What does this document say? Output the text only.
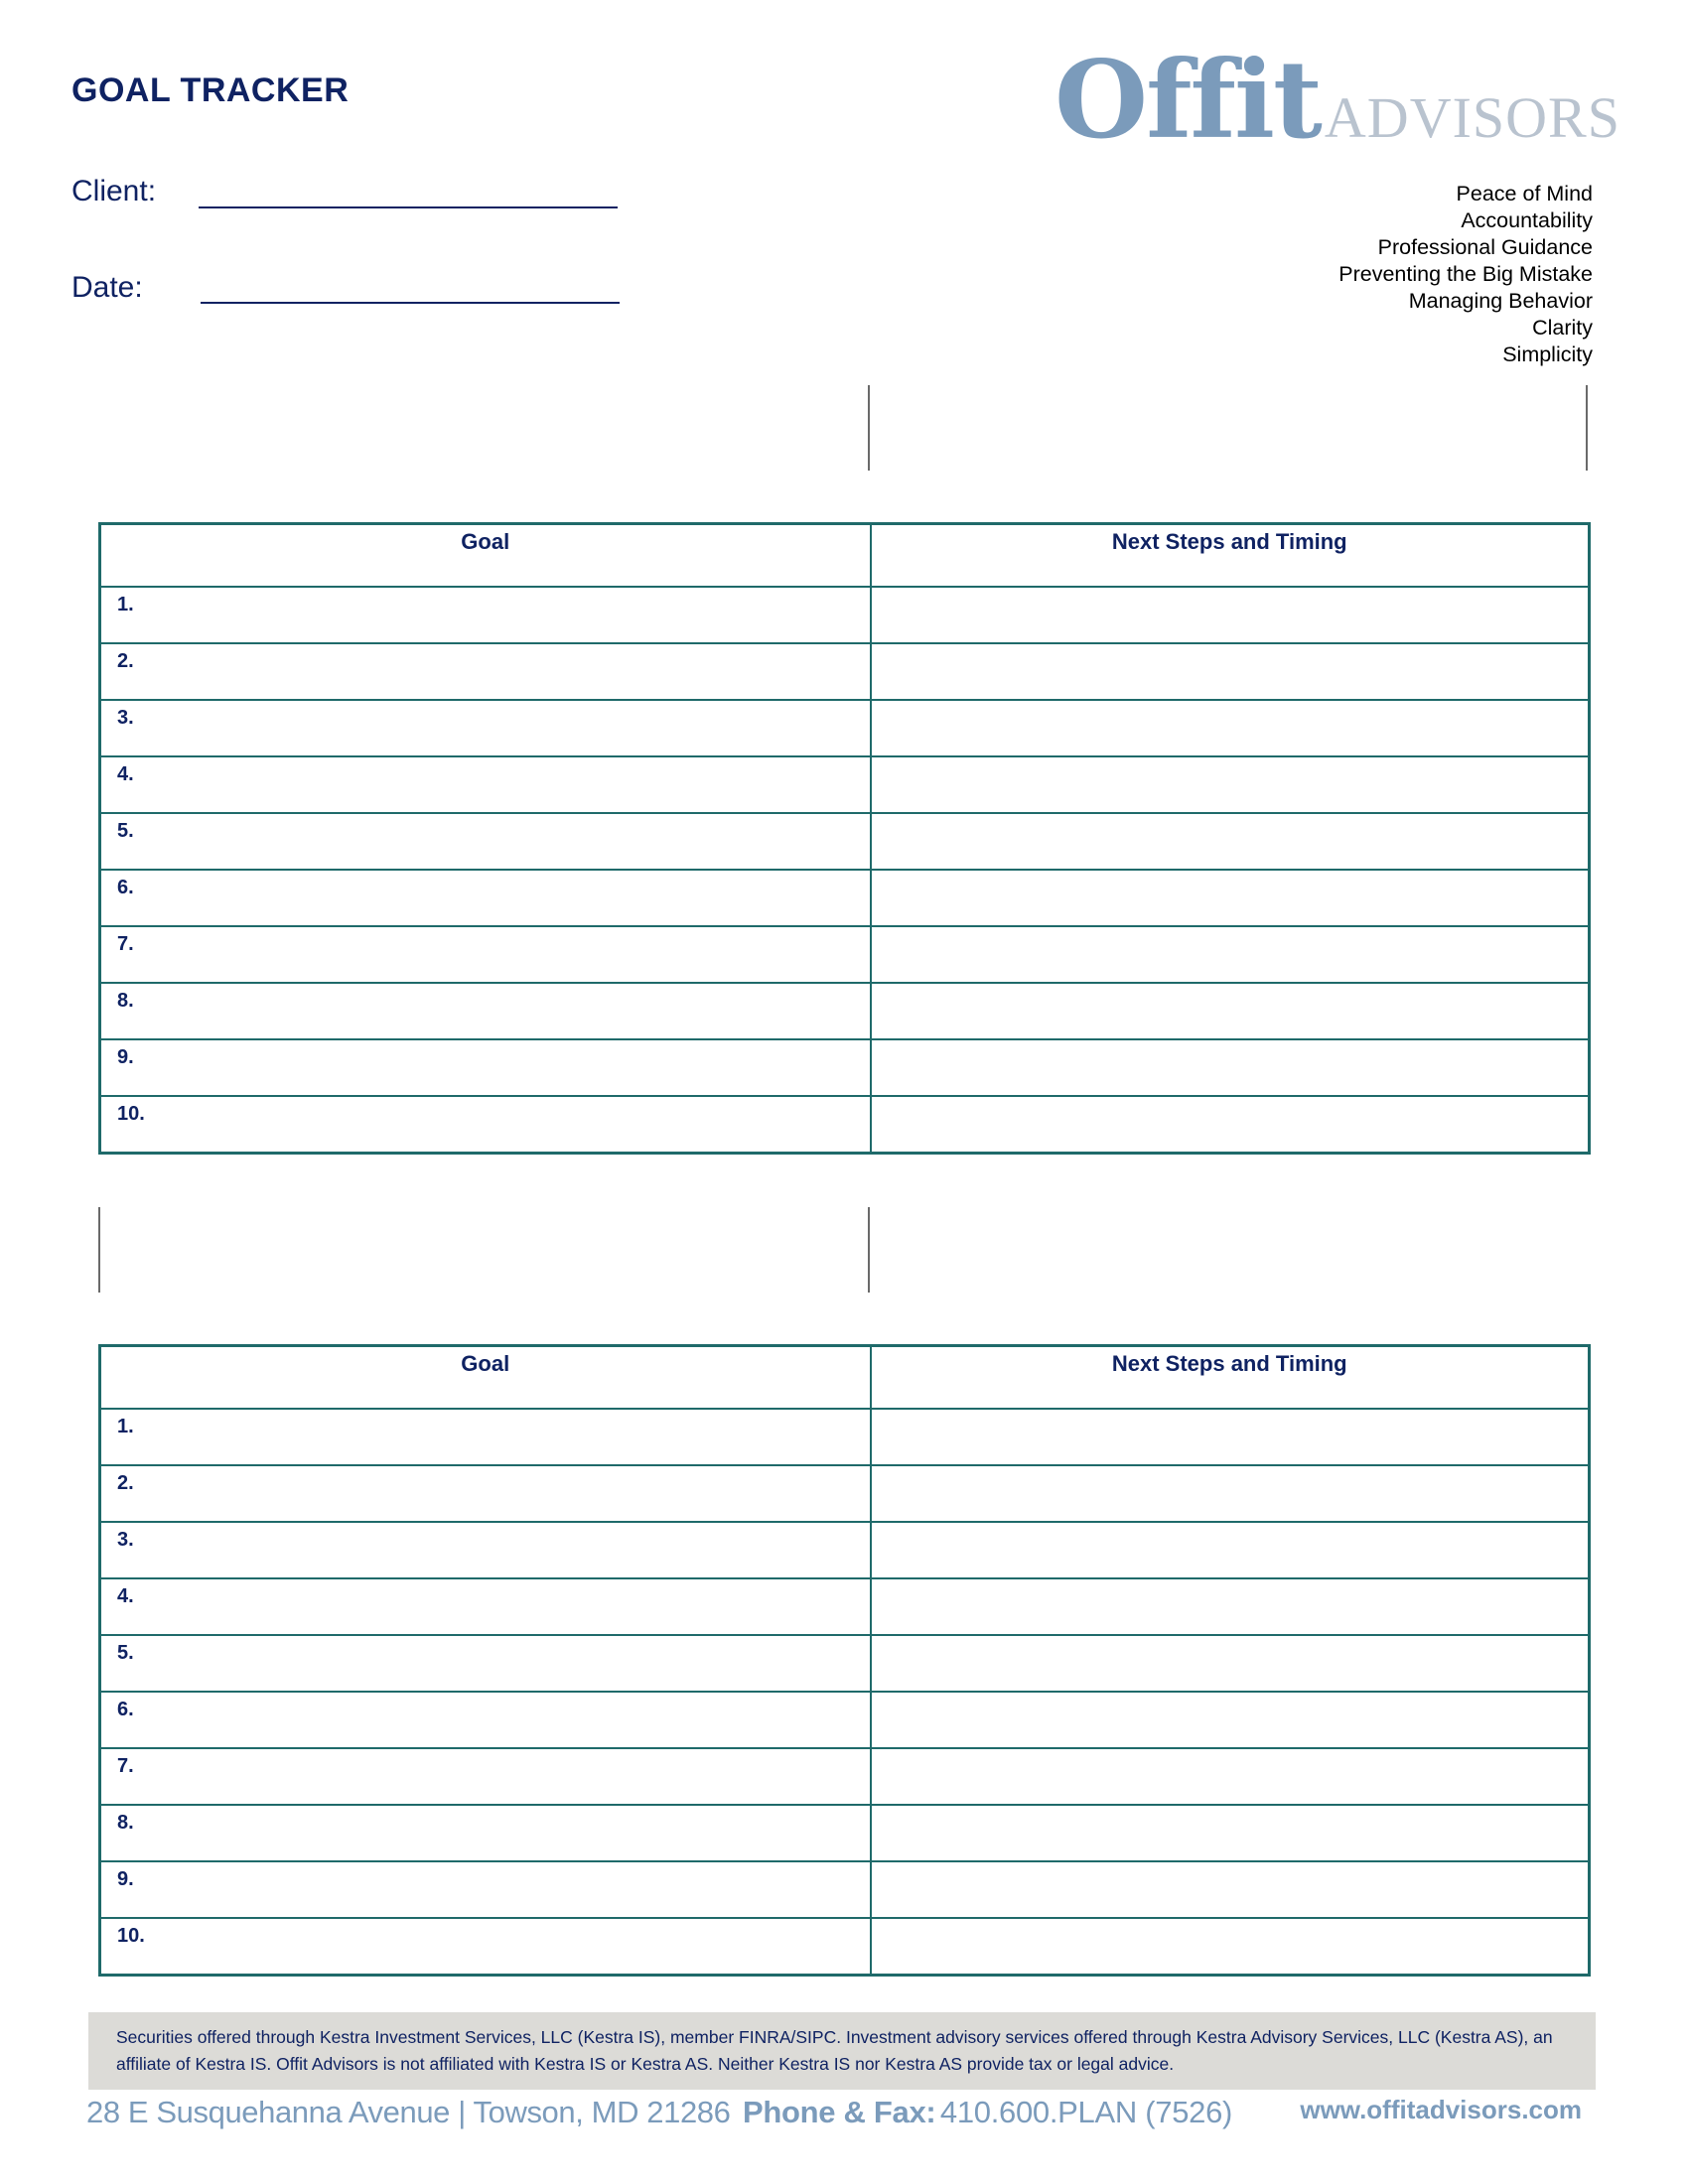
GOAL TRACKER
Client:
Date:
OffitADVISORS
Peace of Mind
Accountability
Professional Guidance
Preventing the Big Mistake
Managing Behavior
Clarity
Simplicity
Goal	Next Steps and Timing

1.	

2.	

3.	

4.	

5.	

6.	

7.	

8.	

9.	

10.	

Goal	Next Steps and Timing

1.	

2.	

3.	

4.	

5.	

6.	

7.	

8.	

9.	

10.	

Securities offered through Kestra Investment Services, LLC (Kestra IS), member FINRA/SIPC. Investment advisory services offered through Kestra Advisory Services, LLC (Kestra AS), an affiliate of Kestra IS. Offit Advisors is not affiliated with Kestra IS or Kestra AS. Neither Kestra IS nor Kestra AS provide tax or legal advice.
28 E Susquehanna Avenue | Towson, MD 21286 Phone & Fax: 410.600.PLAN (7526)	www.offitadvisors.com
